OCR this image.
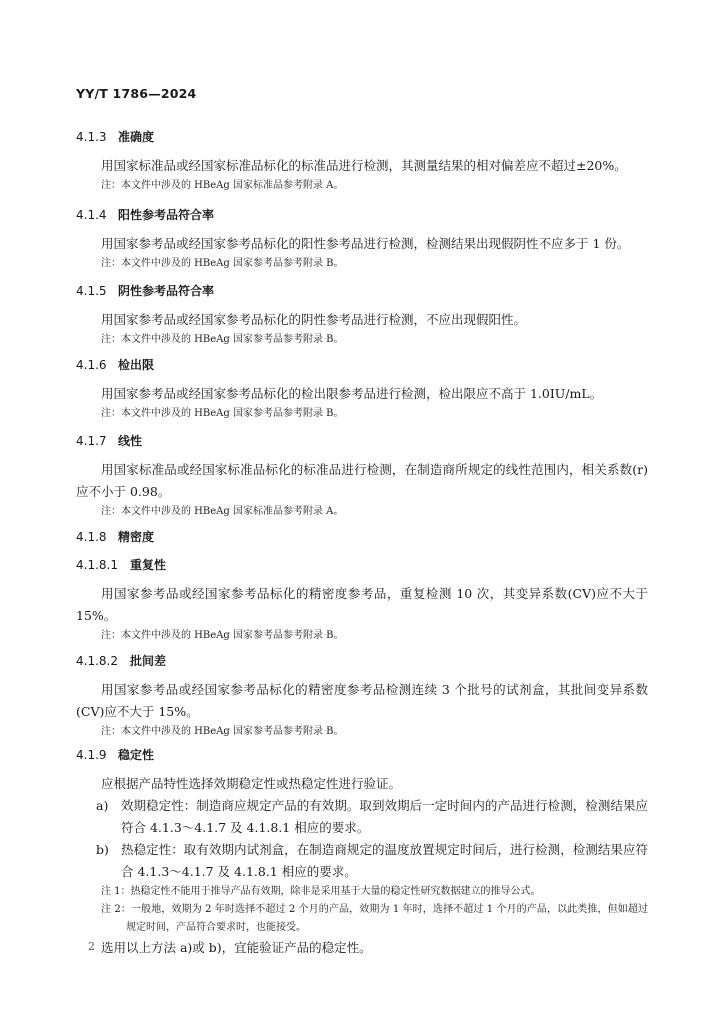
YY/T 1786—2024
4.1.3 准确度

用国家标准品或经国家标准品标化的标准品进行检测，其测量结果的相对偏差应不超过±20%。

注：本文件中涉及的 HBeAg 国家标准品参考附录 A。

4.1.4 阳性参考品符合率

用国家参考品或经国家参考品标化的阳性参考品进行检测，检测结果出现假阴性不应多于 1 份。

注：本文件中涉及的 HBeAg 国家参考品参考附录 B。

4.1.5 阴性参考品符合率

用国家参考品或经国家参考品标化的阴性参考品进行检测，不应出现假阳性。

注：本文件中涉及的 HBeAg 国家参考品参考附录 B。

4.1.6 检出限

用国家参考品或经国家参考品标化的检出限参考品进行检测，检出限应不高于 1.0IU/mL。

注：本文件中涉及的 HBeAg 国家参考品参考附录 B。

4.1.7 线性

用国家标准品或经国家标准品标化的标准品进行检测，在制造商所规定的线性范围内，相关系数(r)应不小于 0.98。

注：本文件中涉及的 HBeAg 国家标准品参考附录 A。

4.1.8 精密度
4.1.8.1 重复性

用国家参考品或经国家参考品标化的精密度参考品，重复检测 10 次，其变异系数(CV)应不大于 15%。

注：本文件中涉及的 HBeAg 国家参考品参考附录 B。

4.1.8.2 批间差

用国家参考品或经国家参考品标化的精密度参考品检测连续 3 个批号的试剂盒，其批间变异系数(CV)应不大于 15%。

注：本文件中涉及的 HBeAg 国家参考品参考附录 B。

4.1.9 稳定性

应根据产品特性选择效期稳定性或热稳定性进行验证。

a) 效期稳定性：制造商应规定产品的有效期。取到效期后一定时间内的产品进行检测，检测结果应符合 4.1.3～4.1.7 及 4.1.8.1 相应的要求。

b) 热稳定性：取有效期内试剂盒，在制造商规定的温度放置规定时间后，进行检测，检测结果应符合 4.1.3～4.1.7 及 4.1.8.1 相应的要求。

注 1：热稳定性不能用于推导产品有效期，除非是采用基于大量的稳定性研究数据建立的推导公式。

注 2：一般地，效期为 2 年时选择不超过 2 个月的产品，效期为 1 年时，选择不超过 1 个月的产品，以此类推，但如超过规定时间，产品符合要求时，也能接受。

选用以上方法 a)或 b)，宜能验证产品的稳定性。

2
